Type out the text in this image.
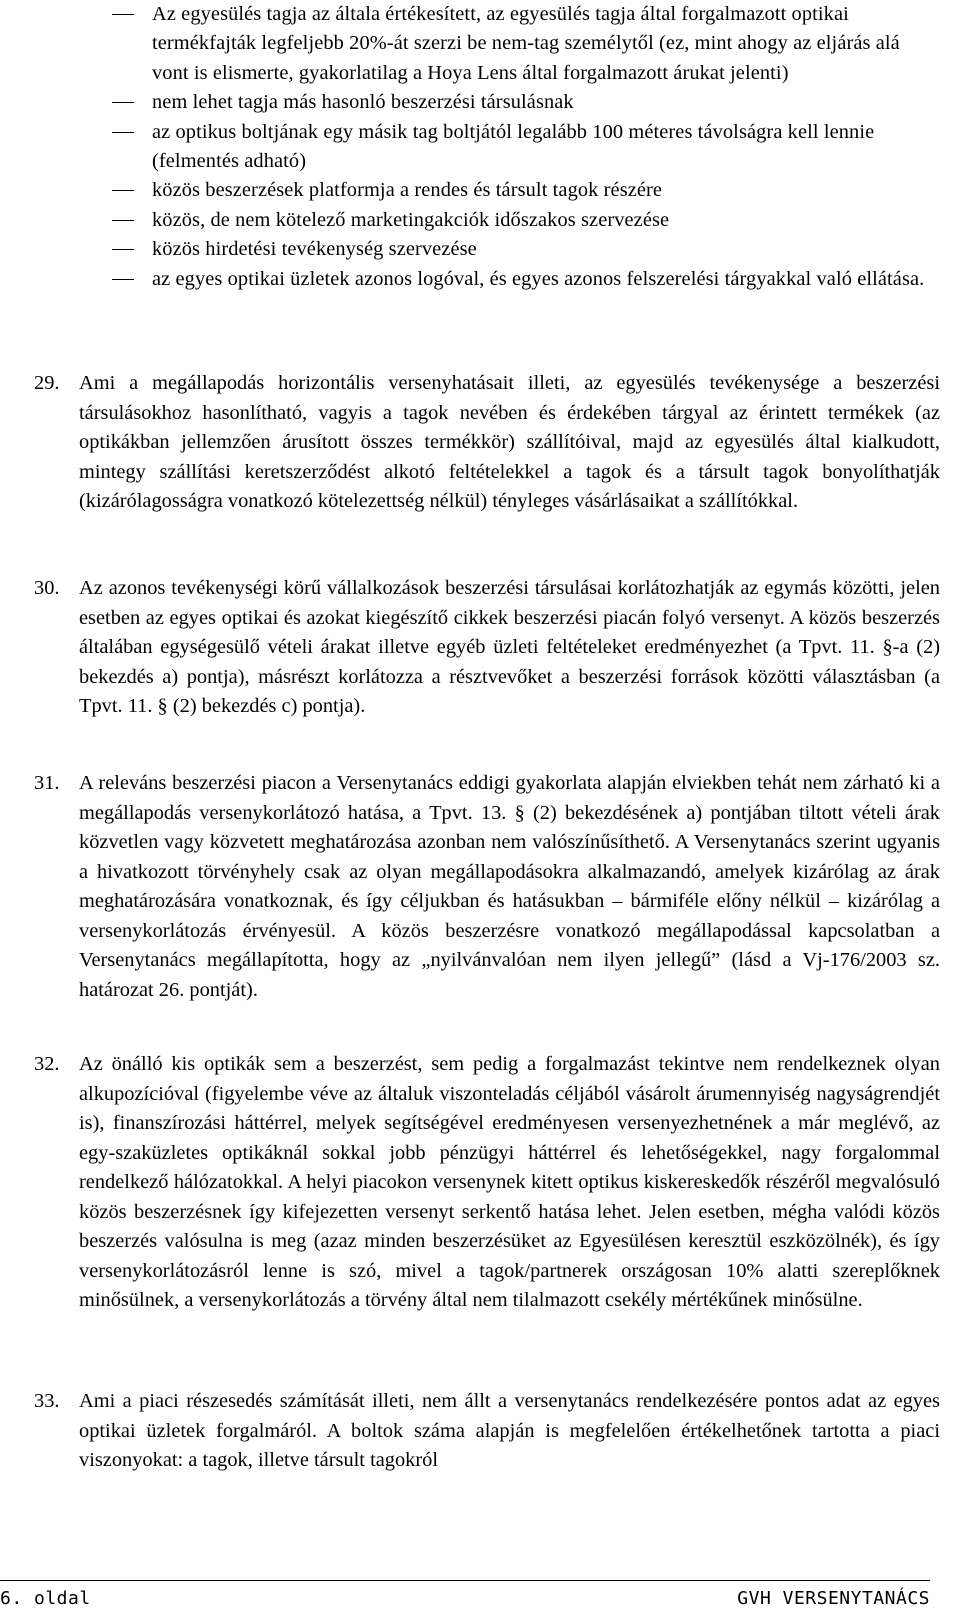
Az egyesülés tagja az általa értékesített, az egyesülés tagja által forgalmazott optikai termékfajták legfeljebb 20%-át szerzi be nem-tag személytől (ez, mint ahogy az eljárás alá vont is elismerte, gyakorlatilag a Hoya Lens által forgalmazott árukat jelenti)
nem lehet tagja más hasonló beszerzési társulásnak
az optikus boltjának egy másik tag boltjától legalább 100 méteres távolságra kell lennie (felmentés adható)
közös beszerzések platformja a rendes és társult tagok részére
közös, de nem kötelező marketingakciók időszakos szervezése
közös hirdetési tevékenység szervezése
az egyes optikai üzletek azonos logóval, és egyes azonos felszerelési tárgyakkal való ellátása.
29. Ami a megállapodás horizontális versenyhatásait illeti, az egyesülés tevékenysége a beszerzési társulásokhoz hasonlítható, vagyis a tagok nevében és érdekében tárgyal az érintett termékek (az optikákban jellemzően árusított összes termékkör) szállítóival, majd az egyesülés által kialkudott, mintegy szállítási keretszerződést alkotó feltételekkel a tagok és a társult tagok bonyolíthatják (kizárólagosságra vonatkozó kötelezettség nélkül) tényleges vásárlásaikat a szállítókkal.
30. Az azonos tevékenységi körű vállalkozások beszerzési társulásai korlátozhatják az egymás közötti, jelen esetben az egyes optikai és azokat kiegészítő cikkek beszerzési piacán folyó versenyt. A közös beszerzés általában egységesülő vételi árakat illetve egyéb üzleti feltételeket eredményezhet (a Tpvt. 11. §-a (2) bekezdés a) pontja), másrészt korlátozza a résztvevőket a beszerzési források közötti választásban (a Tpvt. 11. § (2) bekezdés c) pontja).
31. A releváns beszerzési piacon a Versenytanács eddigi gyakorlata alapján elviekben tehát nem zárható ki a megállapodás versenykorlátozó hatása, a Tpvt. 13. § (2) bekezdésének a) pontjában tiltott vételi árak közvetlen vagy közvetett meghatározása azonban nem valószínűsíthető. A Versenytanács szerint ugyanis a hivatkozott törvényhely csak az olyan megállapodásokra alkalmazandó, amelyek kizárólag az árak meghatározására vonatkoznak, és így céljukban és hatásukban – bármiféle előny nélkül – kizárólag a versenykorlátozás érvényesül. A közös beszerzésre vonatkozó megállapodással kapcsolatban a Versenytanács megállapította, hogy az „nyilvánvalóan nem ilyen jellegű” (lásd a Vj-176/2003 sz. határozat 26. pontját).
32. Az önálló kis optikák sem a beszerzést, sem pedig a forgalmazást tekintve nem rendelkeznek olyan alkupozícióval (figyelembe véve az általuk viszonteladás céljából vásárolt árumennyiség nagyságrendjét is), finanszírozási háttérrel, melyek segítségével eredményesen versenyezhetnének a már meglévő, az egy-szaküzletes optikáknál sokkal jobb pénzügyi háttérrel és lehetőségekkel, nagy forgalommal rendelkező hálózatokkal. A helyi piacokon versenynek kitett optikus kiskereskedők részéről megvalósuló közös beszerzésnek így kifejezetten versenyt serkentő hatása lehet. Jelen esetben, mégha valódi közös beszerzés valósulna is meg (azaz minden beszerzésüket az Egyesülésen keresztül eszközölnék), és így versenykorlátozásról lenne is szó, mivel a tagok/partnerek országosan 10% alatti szereplőknek minősülnek, a versenykorlátozás a törvény által nem tilalmazott csekély mértékűnek minősülne.
33. Ami a piaci részesedés számítását illeti, nem állt a versenytanács rendelkezésére pontos adat az egyes optikai üzletek forgalmáról. A boltok száma alapján is megfelelően értékelhetőnek tartotta a piaci viszonyokat: a tagok, illetve társult tagokról
6. oldal	GVH VERSENYTANÁCS
